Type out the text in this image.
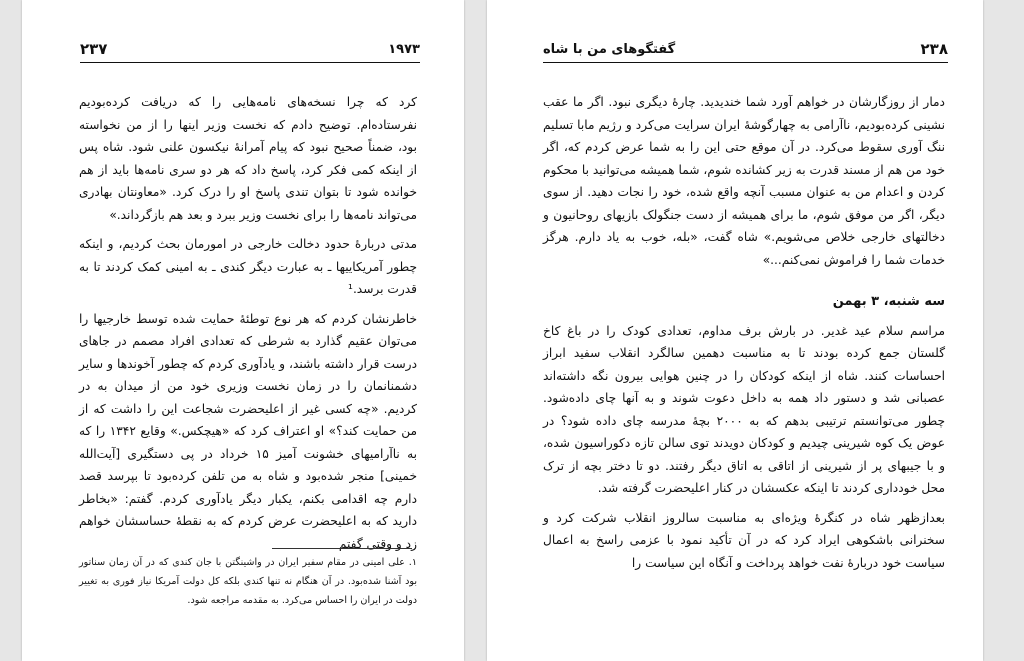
۲۳۷	۱۹۷۳

کرد که چرا نسخه‌های نامه‌هایی را که دریافت کرده‌بودیم نفرستاده‌ام. توضیح دادم که نخست وزیر اینها را از من نخواسته بود، ضمناً صحیح نبود که پیام آمرانهٔ نیکسون علنی شود. شاه پس از اینکه کمی فکر کرد، پاسخ داد که هر دو سری نامه‌ها باید از هم خوانده شود تا بتوان تندی پاسخ او را درک کرد. «معاونتان بهادری می‌تواند نامه‌ها را برای نخست وزیر ببرد و بعد هم بازگرداند.»

مدتی دربارهٔ حدود دخالت خارجی در امورمان بحث کردیم، و اینکه چطور آمریکاییها ـ به عبارت دیگر کندی ـ به امینی کمک کردند تا به قدرت برسد.¹

خاطرنشان کردم که هر نوع توطئهٔ حمایت شده توسط خارجیها را می‌توان عقیم گذارد به شرطی که تعدادی افراد مصمم در جاهای درست قرار داشته باشند، و یادآوری کردم که چطور آخوندها و سایر دشمنانمان را در زمان نخست وزیری خود من از میدان به در کردیم. «چه کسی غیر از اعلیحضرت شجاعت این را داشت که از من حمایت کند؟» او اعتراف کرد که «هیچکس.» وقایع ۱۳۴۲ را که به ناآرامیهای خشونت آمیز ۱۵ خرداد در پی دستگیری [آیت‌الله خمینی] منجر شده‌بود و شاه به من تلفن کرده‌بود تا بپرسد قصد دارم چه اقدامی بکنم، یکبار دیگر یادآوری کردم. گفتم: «بخاطر دارید که به اعلیحضرت عرض کردم که به نقطهٔ حساسشان خواهم زد و وقتی گفتم

۱. علی امینی در مقام سفیر ایران در واشینگتن با جان کندی که در آن زمان سناتور بود آشنا شده‌بود. در آن هنگام نه تنها کندی بلکه کل دولت آمریکا نیاز فوری به تغییر دولت در ایران را احساس می‌کرد. به مقدمه مراجعه شود.
۲۳۸
گفتگوهای من با شاه

دمار از روزگارشان در خواهم آورد شما خندیدید. چارهٔ دیگری نبود. اگر ما عقب نشینی کرده‌بودیم، ناآرامی به چهارگوشهٔ ایران سرایت می‌کرد و رژیم مابا تسلیم ننگ آوری سقوط می‌کرد. در آن موقع حتی این را به شما عرض کردم که، اگر خود من هم از مسند قدرت به زیر کشانده شوم، شما همیشه می‌توانید با محکوم کردن و اعدام من به عنوان مسبب آنچه واقع شده، خود را نجات دهید. از سوی دیگر، اگر من موفق شوم، ما برای همیشه از دست جنگولک بازیهای روحانیون و دخالتهای خارجی خلاص می‌شویم.» شاه گفت، «بله، خوب به یاد دارم. هرگز خدمات شما را فراموش نمی‌کنم...»

سه شنبه، ۳ بهمن

مراسم سلام عید غدیر. در بارش برف مداوم، تعدادی کودک را در باغ کاخ گلستان جمع کرده بودند تا به مناسبت دهمین سالگرد انقلاب سفید ابراز احساسات کنند. شاه از اینکه کودکان را در چنین هوایی بیرون نگه داشته‌اند عصبانی شد و دستور داد همه به داخل دعوت شوند و به آنها چای داده‌شود. چطور می‌توانستم ترتیبی بدهم که به ۲۰۰۰ بچهٔ مدرسه چای داده شود؟ در عوض یک کوه شیرینی چیدیم و کودکان دویدند توی سالن تازه دکوراسیون شده، و با جیبهای پر از شیرینی از اتاقی به اتاق دیگر رفتند. دو تا دختر بچه از ترک محل خودداری کردند تا اینکه عکسشان در کنار اعلیحضرت گرفته شد.

بعدازظهر شاه در کنگرهٔ ویژه‌ای به مناسبت سالروز انقلاب شرکت کرد و سخنرانی باشکوهی ایراد کرد که در آن تأکید نمود با عزمی راسخ به اعمال سیاست خود دربارهٔ نفت خواهد پرداخت و آنگاه این سیاست را
